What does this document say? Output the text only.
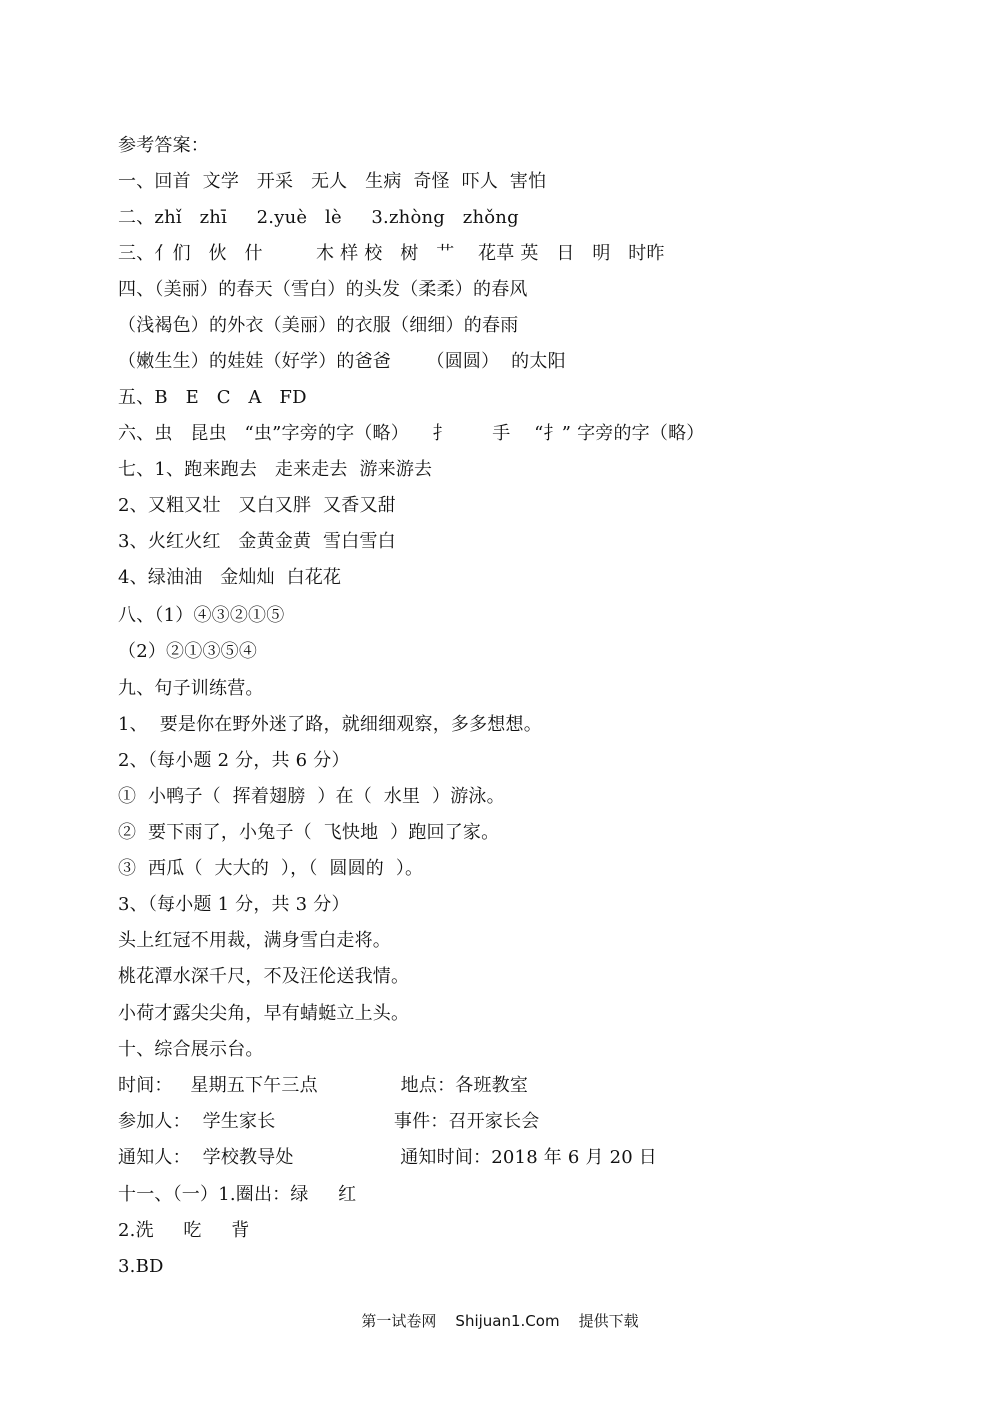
参考答案：
一、回首  文学   开采   无人   生病  奇怪  吓人  害怕
二、zhǐ   zhī     2.yuè   lè     3.zhòng   zhǒng
三、亻们   伙   什         木 样 校   树   艹    花草 英   日   明   时昨
四、（美丽）的春天（雪白）的头发（柔柔）的春风
（浅褐色）的外衣（美丽）的衣服（细细）的春雨
（嫩生生）的娃娃（好学）的爸爸      （圆圆）  的太阳
五、B   E   C   A   FD
六、虫   昆虫   “虫”字旁的字（略）    扌       手    “扌” 字旁的字（略）
七、1、跑来跑去   走来走去  游来游去
2、又粗又壮   又白又胖  又香又甜
3、火红火红   金黄金黄  雪白雪白
4、绿油油   金灿灿  白花花
八、（1）④③②①⑤
（2）②①③⑤④
九、句子训练营。
1、  要是你在野外迷了路，就细细观察，多多想想。
2、（每小题 2 分，共 6 分）
①  小鸭子（  挥着翅膀  ）在（  水里  ）游泳。
②  要下雨了，小兔子（  飞快地  ）跑回了家。
③  西瓜（  大大的  ），（  圆圆的  ）。
3、（每小题 1 分，共 3 分）
头上红冠不用裁，满身雪白走将。
桃花潭水深千尺，不及汪伦送我情。
小荷才露尖尖角，早有蜻蜓立上头。
十、综合展示台。
时间：   星期五下午三点              地点：各班教室
参加人：  学生家长                    事件：召开家长会
通知人：  学校教导处                  通知时间：2018 年 6 月 20 日
十一、（一）1.圈出：绿     红
2.洗     吃     背
3.BD
第一试卷网    Shijuan1.Com    提供下载
